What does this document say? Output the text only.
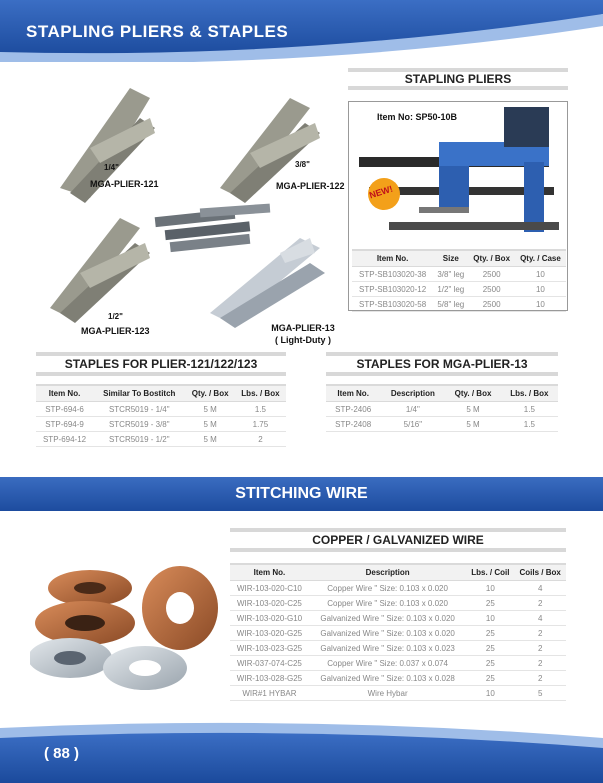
STAPLING PLIERS & STAPLES
1/4"
MGA-PLIER-121
3/8"
MGA-PLIER-122
1/2"
MGA-PLIER-123	MGA-PLIER-13
( Light-Duty )
STAPLING PLIERS
Item No: SP50-10B
NEW!
Item No.	Size	Qty. / Box	Qty. / Case
STP-SB103020-38	3/8" leg	2500	10
STP-SB103020-12	1/2" leg	2500	10
STP-SB103020-58	5/8" leg	2500	10
STAPLES FOR PLIER-121/122/123
Item No.	Similar To Bostitch	Qty. / Box	Lbs. / Box
STP-694-6	STCR5019 - 1/4"	5 M	1.5
STP-694-9	STCR5019 - 3/8"	5 M	1.75
STP-694-12	STCR5019 - 1/2"	5 M	2
STAPLES FOR MGA-PLIER-13
Item No.	Description	Qty. / Box	Lbs. / Box
STP-2406	1/4"	5 M	1.5
STP-2408	5/16"	5 M	1.5
STITCHING WIRE
COPPER / GALVANIZED WIRE
Item No.	Description	Lbs. / Coil	Coils / Box
WIR-103-020-C10	Copper Wire " Size: 0.103 x 0.020	10	4
WIR-103-020-C25	Copper Wire " Size: 0.103 x 0.020	25	2
WIR-103-020-G10	Galvanized Wire " Size: 0.103 x 0.020	10	4
WIR-103-020-G25	Galvanized Wire " Size: 0.103 x 0.020	25	2
WIR-103-023-G25	Galvanized Wire " Size: 0.103 x 0.023	25	2
WIR-037-074-C25	Copper Wire " Size: 0.037 x 0.074	25	2
WIR-103-028-G25	Galvanized Wire " Size: 0.103 x 0.028	25	2
WIR#1 HYBAR	Wire Hybar	10	5
( 88 )
